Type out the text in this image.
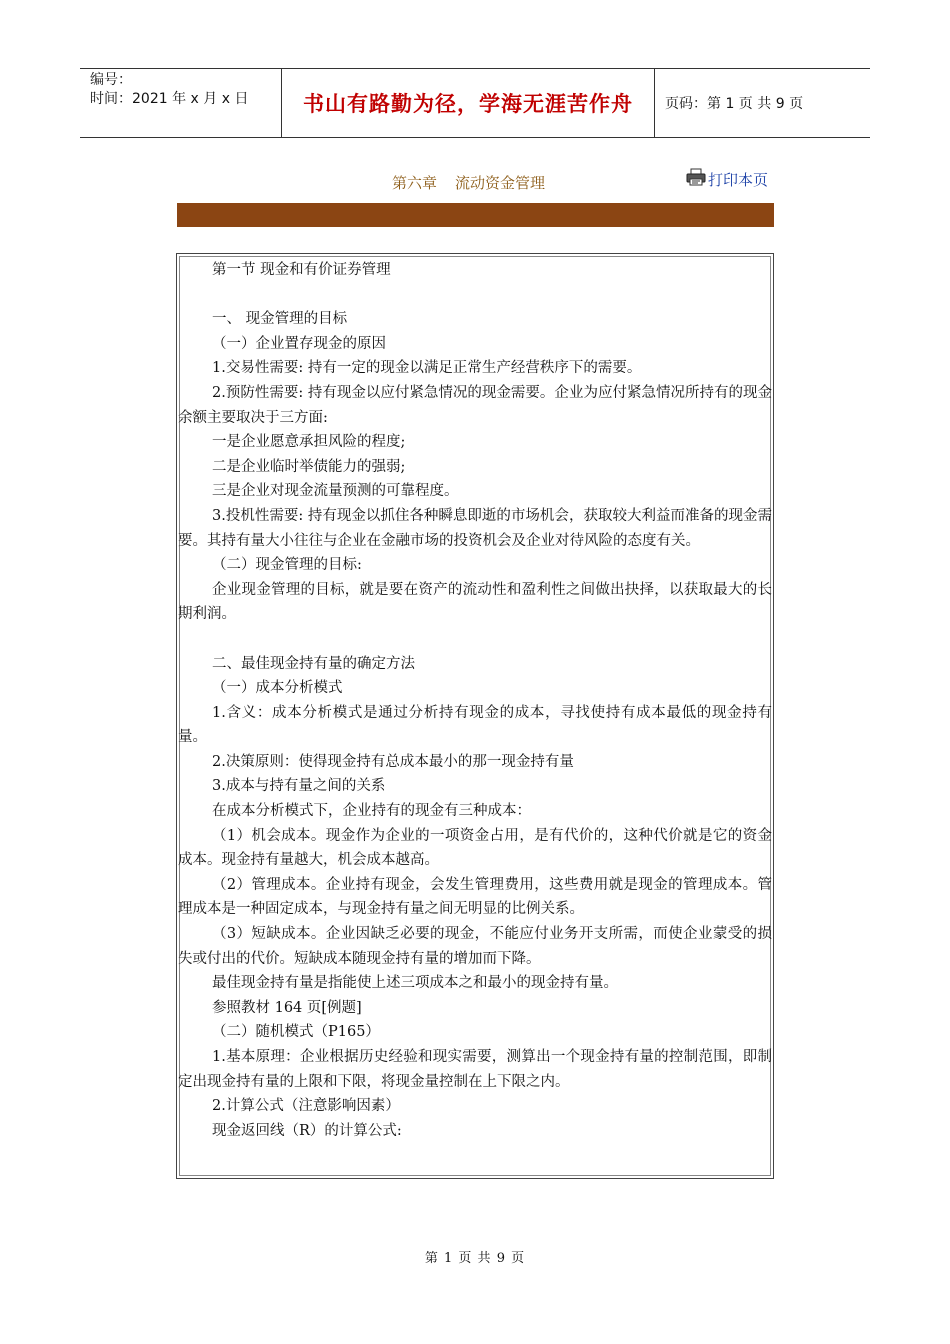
编号：
时间：2021 年 x 月 x 日	书山有路勤为径，学海无涯苦作舟	页码：第 1 页 共 9 页
第六章 流动资金管理	打印本页

第一节 现金和有价证券管理

一、 现金管理的目标

（一）企业置存现金的原因

1.交易性需要: 持有一定的现金以满足正常生产经营秩序下的需要。

2.预防性需要: 持有现金以应付紧急情况的现金需要。企业为应付紧急情况所持有的现金余额主要取决于三方面:

一是企业愿意承担风险的程度;

二是企业临时举债能力的强弱;

三是企业对现金流量预测的可靠程度。

3.投机性需要: 持有现金以抓住各种瞬息即逝的市场机会，获取较大利益而准备的现金需要。其持有量大小往往与企业在金融市场的投资机会及企业对待风险的态度有关。

（二）现金管理的目标:

企业现金管理的目标，就是要在资产的流动性和盈利性之间做出抉择，以获取最大的长期利润。

二、最佳现金持有量的确定方法

（一）成本分析模式

1.含义：成本分析模式是通过分析持有现金的成本，寻找使持有成本最低的现金持有量。

2.决策原则：使得现金持有总成本最小的那一现金持有量

3.成本与持有量之间的关系

在成本分析模式下，企业持有的现金有三种成本：

（1）机会成本。现金作为企业的一项资金占用，是有代价的，这种代价就是它的资金成本。现金持有量越大，机会成本越高。

（2）管理成本。企业持有现金，会发生管理费用，这些费用就是现金的管理成本。管理成本是一种固定成本，与现金持有量之间无明显的比例关系。

（3）短缺成本。企业因缺乏必要的现金，不能应付业务开支所需，而使企业蒙受的损失或付出的代价。短缺成本随现金持有量的增加而下降。

最佳现金持有量是指能使上述三项成本之和最小的现金持有量。

参照教材 164 页[例题]

（二）随机模式（P165）

1.基本原理：企业根据历史经验和现实需要，测算出一个现金持有量的控制范围，即制定出现金持有量的上限和下限，将现金量控制在上下限之内。

2.计算公式（注意影响因素）

现金返回线（R）的计算公式:

第 1 页 共 9 页
